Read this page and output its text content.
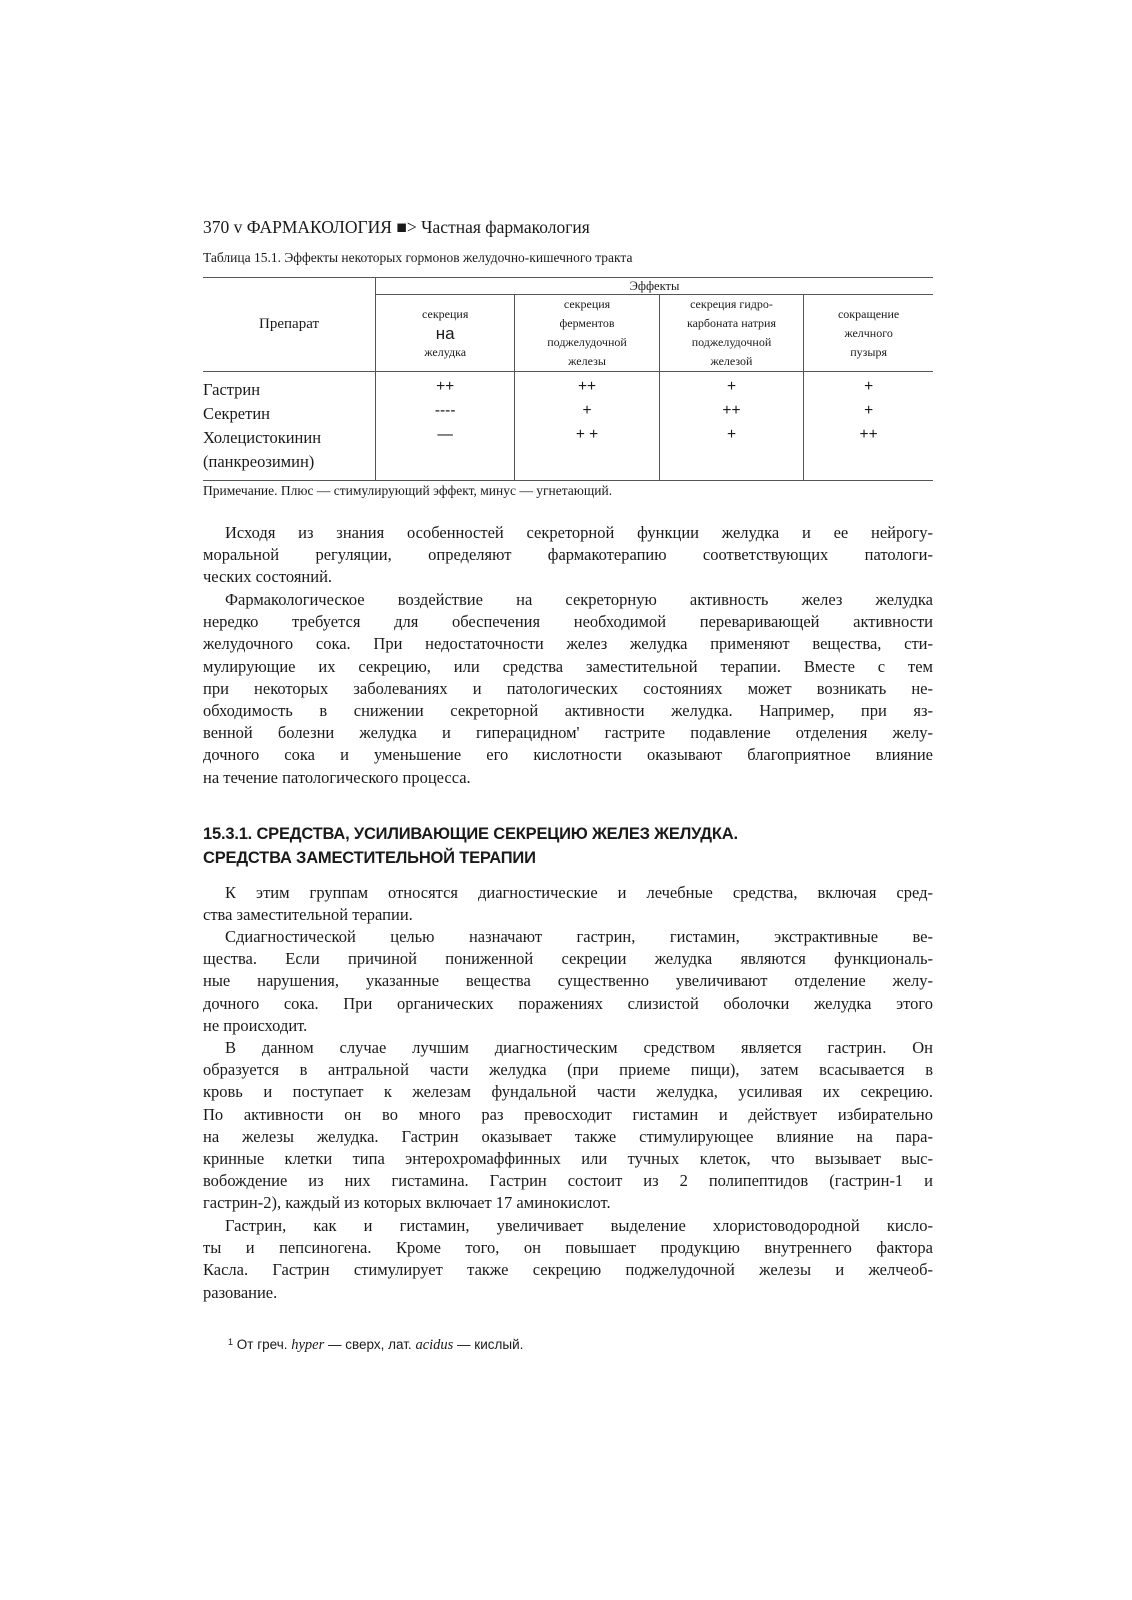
370 v ФАРМАКОЛОГИЯ ■> Частная фармакология
Таблица 15.1. Эффекты некоторых гормонов желудочно-кишечного тракта
Препарат	Эффекты			

	секреция
на
желудка	секреция
ферментов
поджелудочной
железы	секреция гидро-
карбоната натрия
поджелудочной
железой	сокращение
желчного
пузыря

Гастрин	++	++	+	+
Секретин	----	+	++	+

Холецистокинин
(панкреозимин)	—	+ +	+	++
Примечание. Плюс — стимулирующий эффект, минус — угнетающий.
Исходя из знания особенностей секреторной функции желудка и ее нейрогу-
моральной регуляции, определяют фармакотерапию соответствующих патологи-
ческих состояний.
Фармакологическое воздействие на секреторную активность желез желудка
нередко требуется для обеспечения необходимой переваривающей активности
желудочного сока. При недостаточности желез желудка применяют вещества, сти-
мулирующие их секрецию, или средства заместительной терапии. Вместе с тем
при некоторых заболеваниях и патологических состояниях может возникать не-
обходимость в снижении секреторной активности желудка. Например, при яз-
венной болезни желудка и гиперацидном' гастрите подавление отделения желу-
дочного сока и уменьшение его кислотности оказывают благоприятное влияние
на течение патологического процесса.
15.3.1. СРЕДСТВА, УСИЛИВАЮЩИЕ СЕКРЕЦИЮ ЖЕЛЕЗ ЖЕЛУДКА.
СРЕДСТВА ЗАМЕСТИТЕЛЬНОЙ ТЕРАПИИ
К этим группам относятся диагностические и лечебные средства, включая сред-
ства заместительной терапии.
Сдиагностической целью назначают гастрин, гистамин, экстрактивные ве-
щества. Если причиной пониженной секреции желудка являются функциональ-
ные нарушения, указанные вещества существенно увеличивают отделение желу-
дочного сока. При органических поражениях слизистой оболочки желудка этого
не происходит.
В данном случае лучшим диагностическим средством является гастрин. Он
образуется в антральной части желудка (при приеме пищи), затем всасывается в
кровь и поступает к железам фундальной части желудка, усиливая их секрецию.
По активности он во много раз превосходит гистамин и действует избирательно
на железы желудка. Гастрин оказывает также стимулирующее влияние на пара-
кринные клетки типа энтерохромаффинных или тучных клеток, что вызывает выс-
вобождение из них гистамина. Гастрин состоит из 2 полипептидов (гастрин-1 и
гастрин-2), каждый из которых включает 17 аминокислот.
Гастрин, как и гистамин, увеличивает выделение хлористоводородной кисло-
ты и пепсиногена. Кроме того, он повышает продукцию внутреннего фактора
Касла. Гастрин стимулирует также секрецию поджелудочной железы и желчеоб-
разование.
$^1$ От греч. hyper — сверх, лат. acidus — кислый.
